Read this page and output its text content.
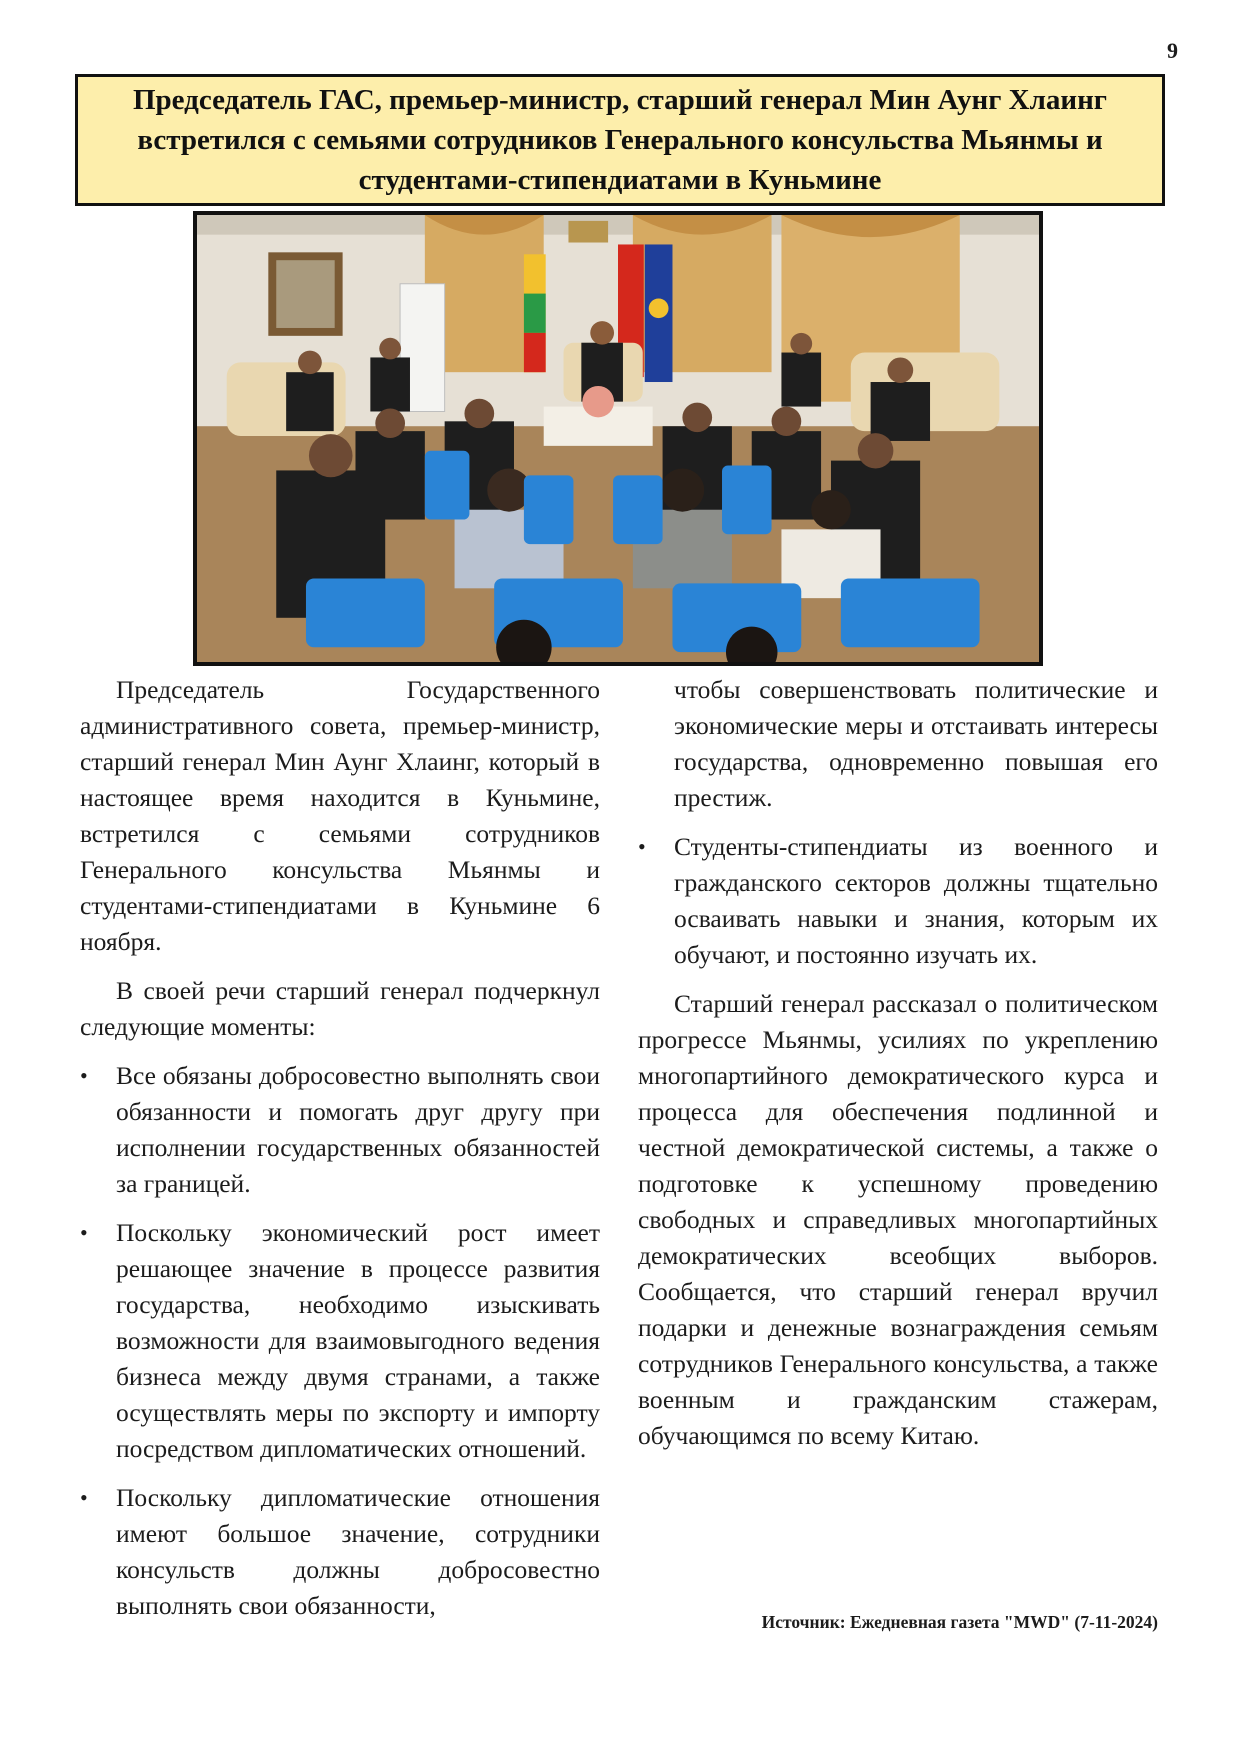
9
Председатель ГАС, премьер-министр, старший генерал Мин Аунг Хлаинг встретился с семьями сотрудников Генерального консульства Мьянмы и студентами-стипендиатами в Куньмине

Председатель Государственного административного совета, премьер-министр, старший генерал Мин Аунг Хлаинг, который в настоящее время находится в Куньмине, встретился с семьями сотрудников Генерального консульства Мьянмы и студентами-стипендиатами в Куньмине 6 ноября.

В своей речи старший генерал подчеркнул следующие моменты:

• Все обязаны добросовестно выполнять свои обязанности и помогать друг другу при исполнении государственных обязанностей за границей.
• Поскольку экономический рост имеет решающее значение в процессе развития государства, необходимо изыскивать возможности для взаимовыгодного ведения бизнеса между двумя странами, а также осуществлять меры по экспорту и импорту посредством дипломатических отношений.
• Поскольку дипломатические отношения имеют большое значение, сотрудники консульств должны добросовестно выполнять свои обязанности,

чтобы совершенствовать политические и экономические меры и отстаивать интересы государства, одновременно повышая его престиж.

• Студенты-стипендиаты из военного и гражданского секторов должны тщательно осваивать навыки и знания, которым их обучают, и постоянно изучать их.

Старший генерал рассказал о политическом прогрессе Мьянмы, усилиях по укреплению многопартийного демократического курса и процесса для обеспечения подлинной и честной демократической системы, а также о подготовке к успешному проведению свободных и справедливых многопартийных демократических всеобщих выборов. Сообщается, что старший генерал вручил подарки и денежные вознаграждения семьям сотрудников Генерального консульства, а также военным и гражданским стажерам, обучающимся по всему Китаю.

Источник: Ежедневная газета "MWD" (7-11-2024)
